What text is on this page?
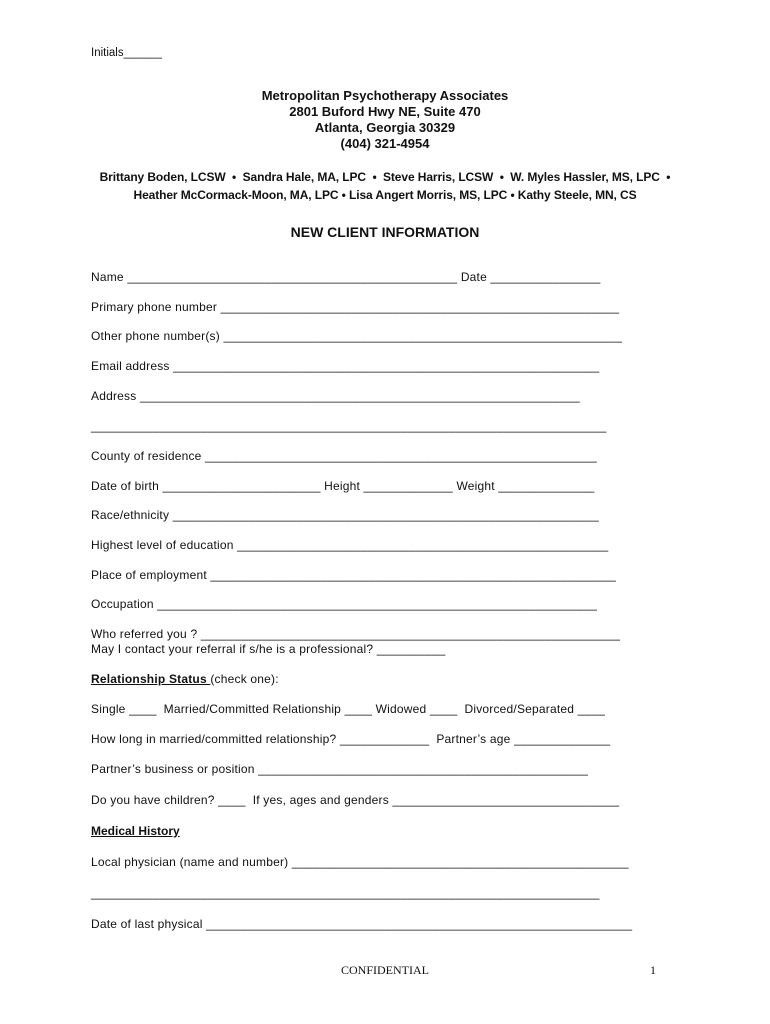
Initials______
Metropolitan Psychotherapy Associates
2801 Buford Hwy NE, Suite 470
Atlanta, Georgia 30329
(404) 321-4954
Brittany Boden, LCSW  •  Sandra Hale, MA, LPC  •  Steve Harris, LCSW  •  W. Myles Hassler, MS, LPC  •
Heather McCormack-Moon, MA, LPC • Lisa Angert Morris, MS, LPC • Kathy Steele, MN, CS
NEW CLIENT INFORMATION
Name ________________________________________________ Date ________________
Primary phone number __________________________________________________________
Other phone number(s) __________________________________________________________
Email address ______________________________________________________________
Address ________________________________________________________________
___________________________________________________________________________
County of residence _________________________________________________________
Date of birth _______________________ Height _____________ Weight ______________
Race/ethnicity ______________________________________________________________
Highest level of education ______________________________________________________
Place of employment ___________________________________________________________
Occupation ________________________________________________________________
Who referred you ? _____________________________________________________________
May I contact your referral if s/he is a professional? __________
Relationship Status (check one):
Single ____  Married/Committed Relationship ____ Widowed ____  Divorced/Separated ____
How long in married/committed relationship? _____________  Partner’s age ______________
Partner’s business or position ________________________________________________
Do you have children? ____  If yes, ages and genders _________________________________
Medical History
Local physician (name and number) _________________________________________________
__________________________________________________________________________
Date of last physical ______________________________________________________________
CONFIDENTIAL	1
